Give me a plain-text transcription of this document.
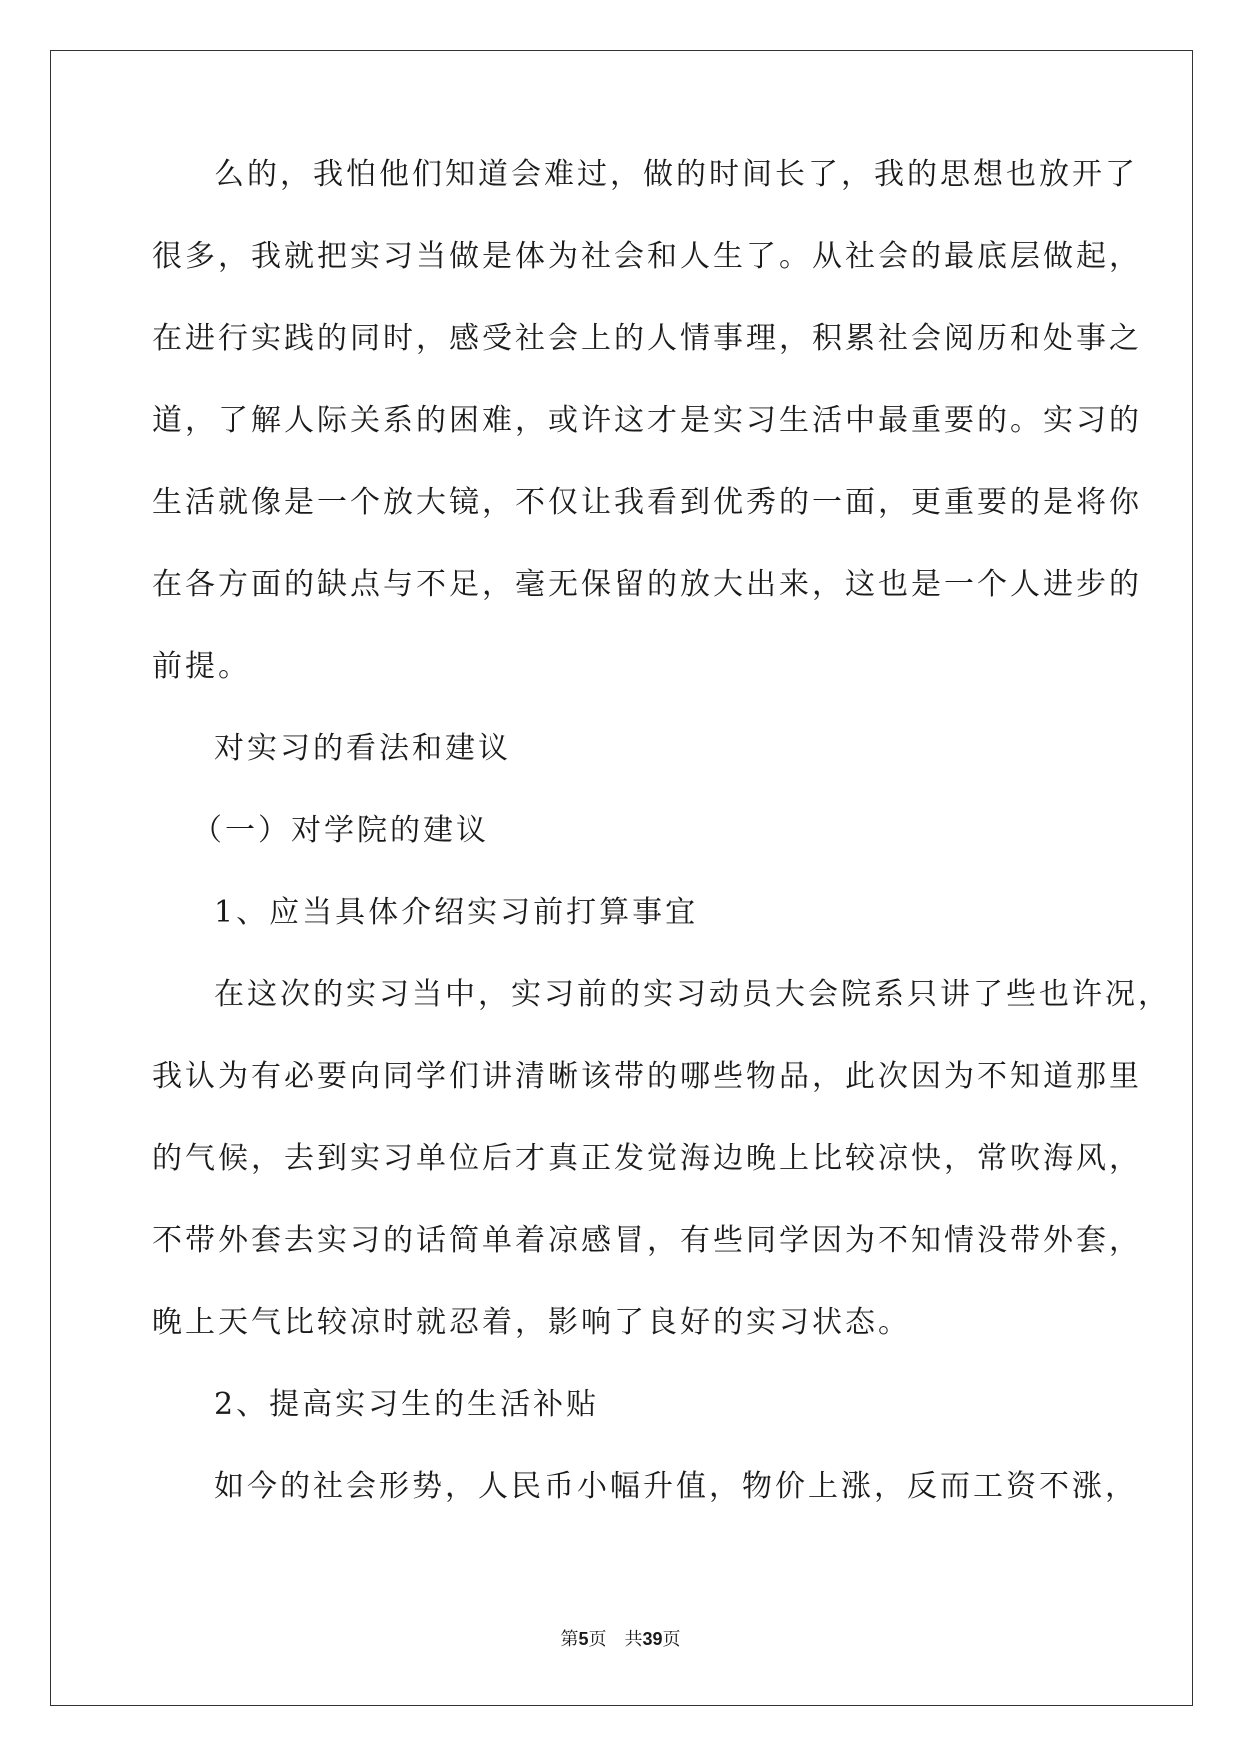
么的，我怕他们知道会难过，做的时间长了，我的思想也放开了
很多，我就把实习当做是体为社会和人生了。从社会的最底层做起，
在进行实践的同时，感受社会上的人情事理，积累社会阅历和处事之
道，了解人际关系的困难，或许这才是实习生活中最重要的。实习的
生活就像是一个放大镜，不仅让我看到优秀的一面，更重要的是将你
在各方面的缺点与不足，毫无保留的放大出来，这也是一个人进步的
前提。
对实习的看法和建议
（一）对学院的建议
1、应当具体介绍实习前打算事宜
在这次的实习当中，实习前的实习动员大会院系只讲了些也许况，
我认为有必要向同学们讲清晰该带的哪些物品，此次因为不知道那里
的气候，去到实习单位后才真正发觉海边晚上比较凉快，常吹海风，
不带外套去实习的话简单着凉感冒，有些同学因为不知情没带外套，
晚上天气比较凉时就忍着，影响了良好的实习状态。
2、提高实习生的生活补贴
如今的社会形势，人民币小幅升值，物价上涨，反而工资不涨，
第5页 共39页
